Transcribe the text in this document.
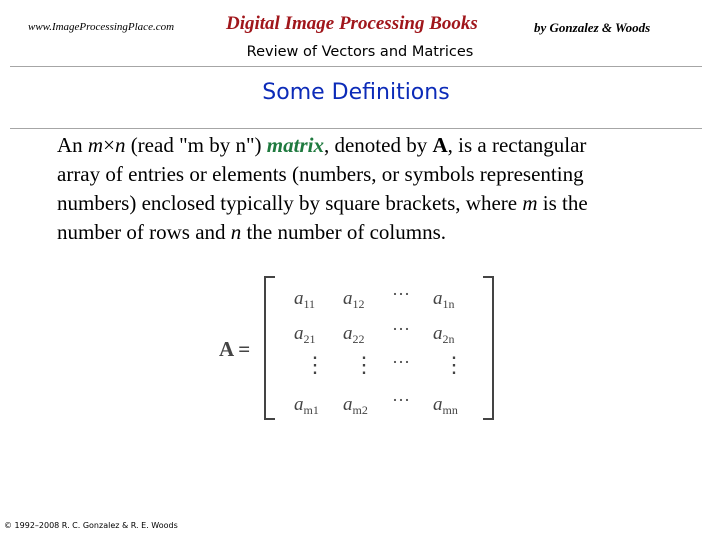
www.ImageProcessingPlace.com	Digital Image Processing Books	by Gonzalez & Woods
Review of Vectors and Matrices
Some Definitions
An m×n (read "m by n") matrix, denoted by A, is a rectangular
array of entries or elements (numbers, or symbols representing
numbers) enclosed typically by square brackets, where m is the
number of rows and n the number of columns.
A =
$a_{11}$ $a_{12}$ ··· $a_{1n}$
$a_{21}$ $a_{22}$ ··· $a_{2n}$
⋮ ⋮ ··· ⋮
$a_{m1}$ $a_{m2}$ ··· $a_{mn}$
© 1992–2008 R. C. Gonzalez & R. E. Woods
